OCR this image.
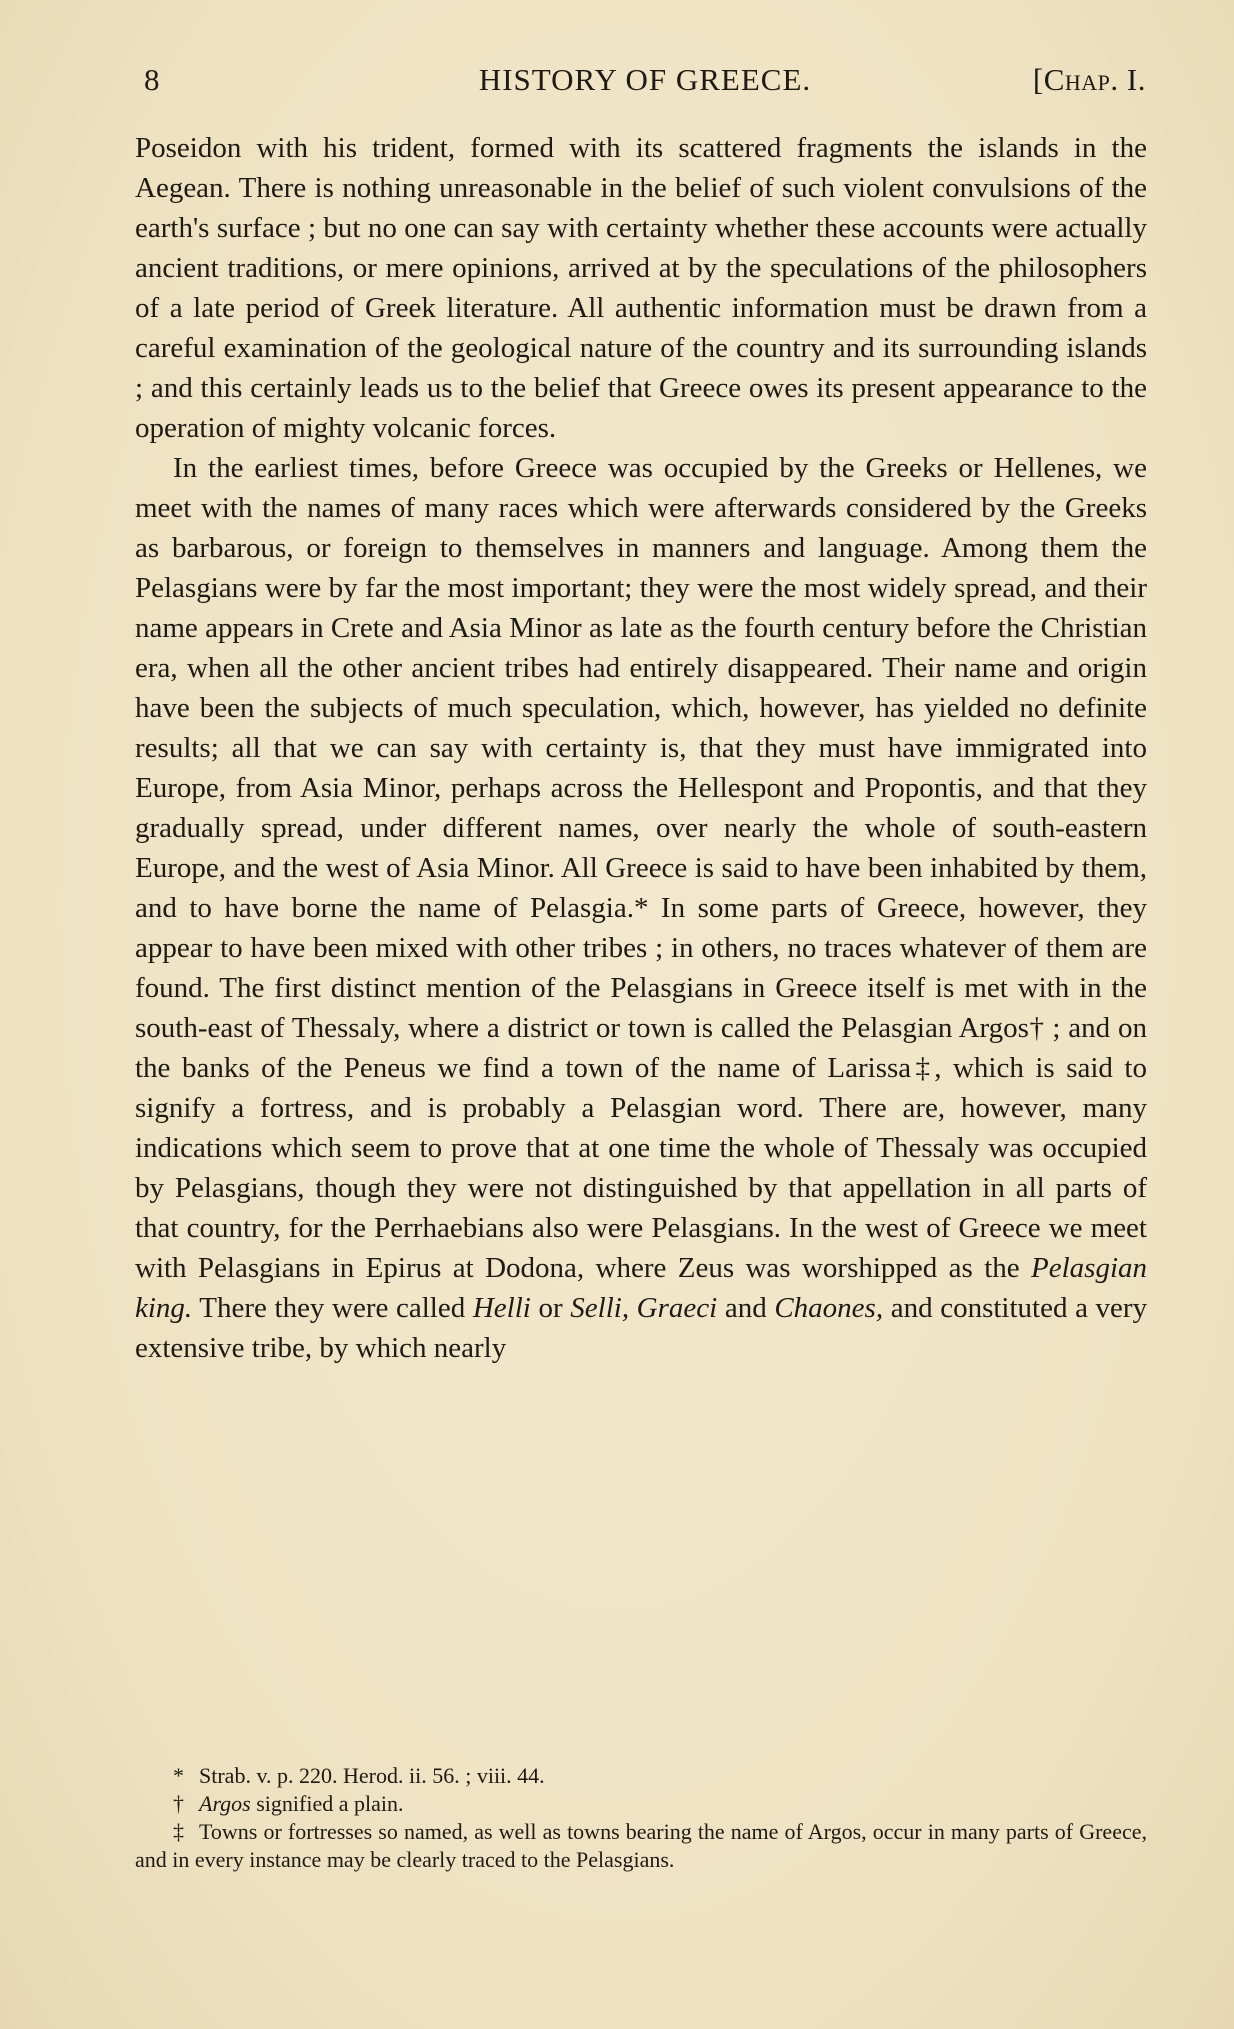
8	HISTORY OF GREECE.	[Chap. I.

Poseidon with his trident, formed with its scattered fragments the islands in the Aegean. There is nothing unreasonable in the belief of such violent convulsions of the earth's surface ; but no one can say with certainty whether these accounts were actually ancient traditions, or mere opinions, arrived at by the speculations of the philosophers of a late period of Greek literature. All authentic information must be drawn from a careful examination of the geological nature of the country and its surrounding islands ; and this certainly leads us to the belief that Greece owes its present appearance to the operation of mighty volcanic forces.

In the earliest times, before Greece was occupied by the Greeks or Hellenes, we meet with the names of many races which were afterwards considered by the Greeks as barbarous, or foreign to themselves in manners and language. Among them the Pelasgians were by far the most important; they were the most widely spread, and their name appears in Crete and Asia Minor as late as the fourth century before the Christian era, when all the other ancient tribes had entirely disappeared. Their name and origin have been the subjects of much speculation, which, however, has yielded no definite results; all that we can say with certainty is, that they must have immigrated into Europe, from Asia Minor, perhaps across the Hellespont and Propontis, and that they gradually spread, under different names, over nearly the whole of south-eastern Europe, and the west of Asia Minor. All Greece is said to have been inhabited by them, and to have borne the name of Pelasgia.* In some parts of Greece, however, they appear to have been mixed with other tribes ; in others, no traces whatever of them are found. The first distinct mention of the Pelasgians in Greece itself is met with in the south-east of Thessaly, where a district or town is called the Pelasgian Argos† ; and on the banks of the Peneus we find a town of the name of Larissa‡, which is said to signify a fortress, and is probably a Pelasgian word. There are, however, many indications which seem to prove that at one time the whole of Thessaly was occupied by Pelasgians, though they were not distinguished by that appellation in all parts of that country, for the Perrhaebians also were Pelasgians. In the west of Greece we meet with Pelasgians in Epirus at Dodona, where Zeus was worshipped as the Pelasgian king. There they were called Helli or Selli, Graeci and Chaones, and constituted a very extensive tribe, by which nearly

* Strab. v. p. 220. Herod. ii. 56. ; viii. 44.

† Argos signified a plain.

‡ Towns or fortresses so named, as well as towns bearing the name of Argos, occur in many parts of Greece, and in every instance may be clearly traced to the Pelasgians.
